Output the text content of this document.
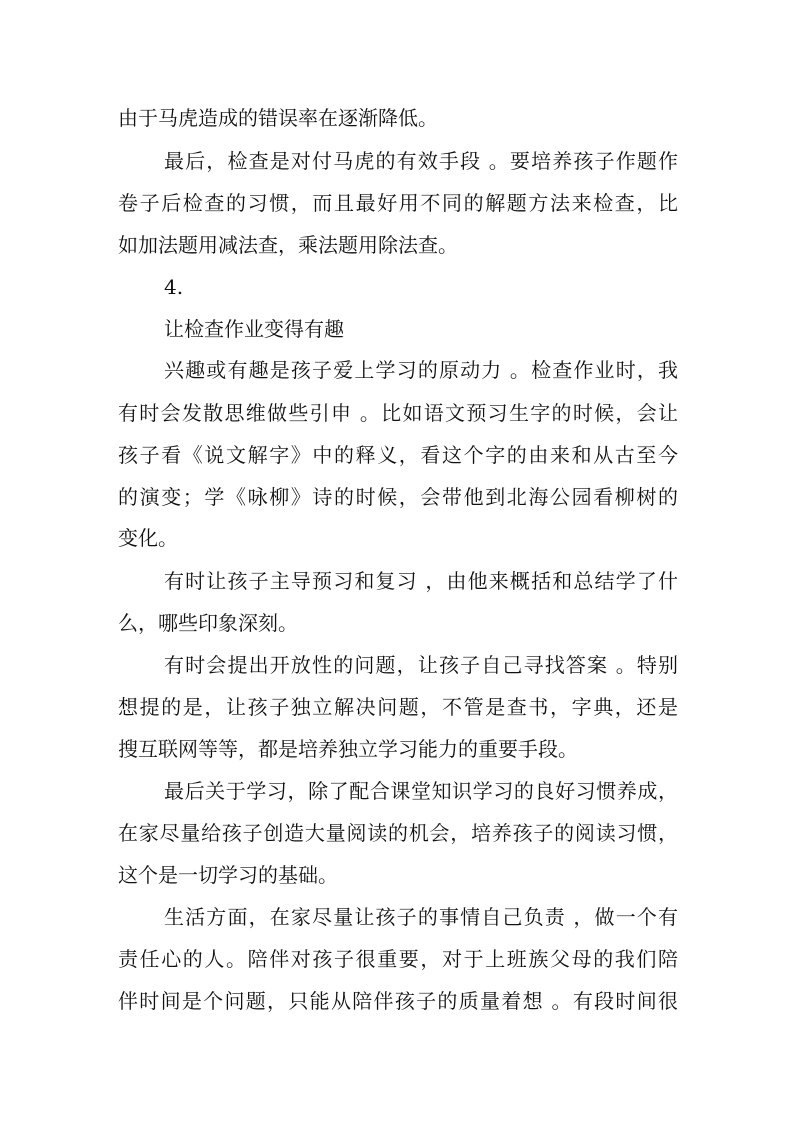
由于马虎造成的错误率在逐渐降低。
最后，检查是对付马虎的有效手段 。要培养孩子作题作
卷子后检查的习惯，而且最好用不同的解题方法来检查，比
如加法题用减法查，乘法题用除法查。
4.
让检查作业变得有趣
兴趣或有趣是孩子爱上学习的原动力 。检查作业时，我
有时会发散思维做些引申 。比如语文预习生字的时候，会让
孩子看《说文解字》中的释义，看这个字的由来和从古至今
的演变；学《咏柳》诗的时候，会带他到北海公园看柳树的
变化。
有时让孩子主导预习和复习 ，由他来概括和总结学了什
么，哪些印象深刻。
有时会提出开放性的问题，让孩子自己寻找答案 。特别
想提的是，让孩子独立解决问题，不管是查书，字典，还是
搜互联网等等，都是培养独立学习能力的重要手段。
最后关于学习，除了配合课堂知识学习的良好习惯养成，
在家尽量给孩子创造大量阅读的机会，培养孩子的阅读习惯，
这个是一切学习的基础。
生活方面，在家尽量让孩子的事情自己负责 ，做一个有
责任心的人。陪伴对孩子很重要，对于上班族父母的我们陪
伴时间是个问题，只能从陪伴孩子的质量着想 。有段时间很
